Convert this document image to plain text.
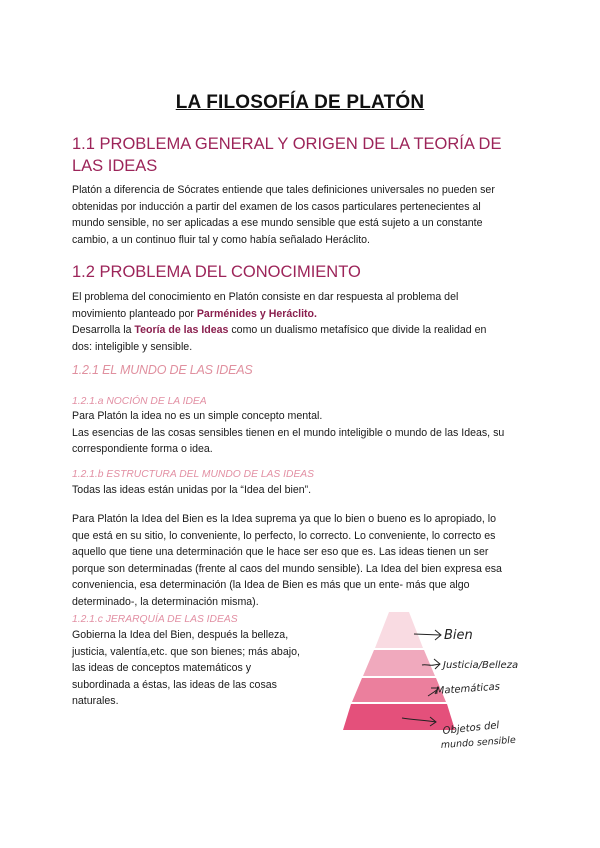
LA FILOSOFÍA DE PLATÓN
1.1 PROBLEMA GENERAL Y ORIGEN DE LA TEORÍA DE
LAS IDEAS
Platón a diferencia de Sócrates entiende que tales definiciones universales no pueden ser
obtenidas por inducción a partir del examen de los casos particulares pertenecientes al
mundo sensible, no ser aplicadas a ese mundo sensible que está sujeto a un constante
cambio, a un continuo fluir tal y como había señalado Heráclito.
1.2 PROBLEMA DEL CONOCIMIENTO
El problema del conocimiento en Platón consiste en dar respuesta al problema del
movimiento planteado por Parménides y Heráclito.
Desarrolla la Teoría de las Ideas como un dualismo metafísico que divide la realidad en
dos: inteligible y sensible.
1.2.1 EL MUNDO DE LAS IDEAS
1.2.1.a NOCIÓN DE LA IDEA
Para Platón la idea no es un simple concepto mental.
Las esencias de las cosas sensibles tienen en el mundo inteligible o mundo de las Ideas, su
correspondiente forma o idea.
1.2.1.b ESTRUCTURA DEL MUNDO DE LAS IDEAS
Todas las ideas están unidas por la “Idea del bien”.
Para Platón la Idea del Bien es la Idea suprema ya que lo bien o bueno es lo apropiado, lo
que está en su sitio, lo conveniente, lo perfecto, lo correcto. Lo conveniente, lo correcto es
aquello que tiene una determinación que le hace ser eso que es. Las ideas tienen un ser
porque son determinadas (frente al caos del mundo sensible). La Idea del bien expresa esa
conveniencia, esa determinación (la Idea de Bien es más que un ente- más que algo
determinado-, la determinación misma).
1.2.1.c JERARQUÍA DE LAS IDEAS
Gobierna la Idea del Bien, después la belleza,
justicia, valentía,etc. que son bienes; más abajo,
las ideas de conceptos matemáticos y
subordinada a éstas, las ideas de las cosas
naturales.
Bien
Justicia/Belleza
Matemáticas
Objetos del
mundo sensible
